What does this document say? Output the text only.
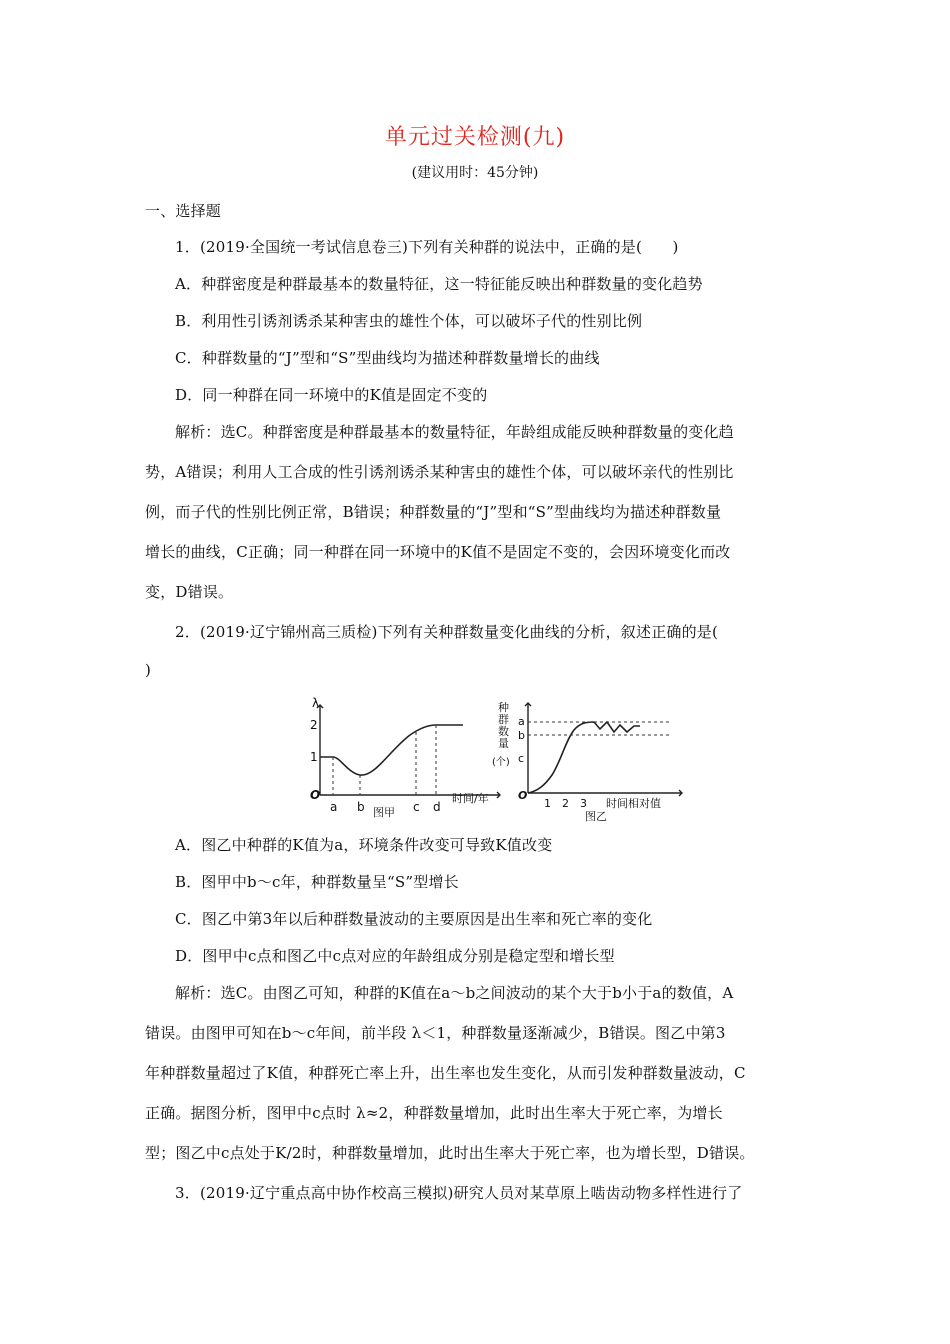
单元过关检测(九)
(建议用时：45分钟)
一、选择题
1．(2019·全国统一考试信息卷三)下列有关种群的说法中，正确的是(　　)
A．种群密度是种群最基本的数量特征，这一特征能反映出种群数量的变化趋势
B．利用性引诱剂诱杀某种害虫的雄性个体，可以破坏子代的性别比例
C．种群数量的“J”型和“S”型曲线均为描述种群数量增长的曲线
D．同一种群在同一环境中的K值是固定不变的
解析：选C。种群密度是种群最基本的数量特征，年龄组成能反映种群数量的变化趋
势，A错误；利用人工合成的性引诱剂诱杀某种害虫的雄性个体，可以破坏亲代的性别比
例，而子代的性别比例正常，B错误；种群数量的“J”型和“S”型曲线均为描述种群数量
增长的曲线，C正确；同一种群在同一环境中的K值不是固定不变的，会因环境变化而改
变，D错误。
2．(2019·辽宁锦州高三质检)下列有关种群数量变化曲线的分析，叙述正确的是(
)
λ
1
2
O
a b	c d
时间/年
图甲
种
群
数
量
(个)
a
b
c
O
1 2 3 时间相对值
图乙
A．图乙中种群的K值为a，环境条件改变可导致K值改变
B．图甲中b～c年，种群数量呈“S”型增长
C．图乙中第3年以后种群数量波动的主要原因是出生率和死亡率的变化
D．图甲中c点和图乙中c点对应的年龄组成分别是稳定型和增长型
解析：选C。由图乙可知，种群的K值在a～b之间波动的某个大于b小于a的数值，A
错误。由图甲可知在b～c年间，前半段 λ＜1，种群数量逐渐减少，B错误。图乙中第3
年种群数量超过了K值，种群死亡率上升，出生率也发生变化，从而引发种群数量波动，C
正确。据图分析，图甲中c点时 λ≈2，种群数量增加，此时出生率大于死亡率，为增长
型；图乙中c点处于K/2时，种群数量增加，此时出生率大于死亡率，也为增长型，D错误。
3．(2019·辽宁重点高中协作校高三模拟)研究人员对某草原上啮齿动物多样性进行了
